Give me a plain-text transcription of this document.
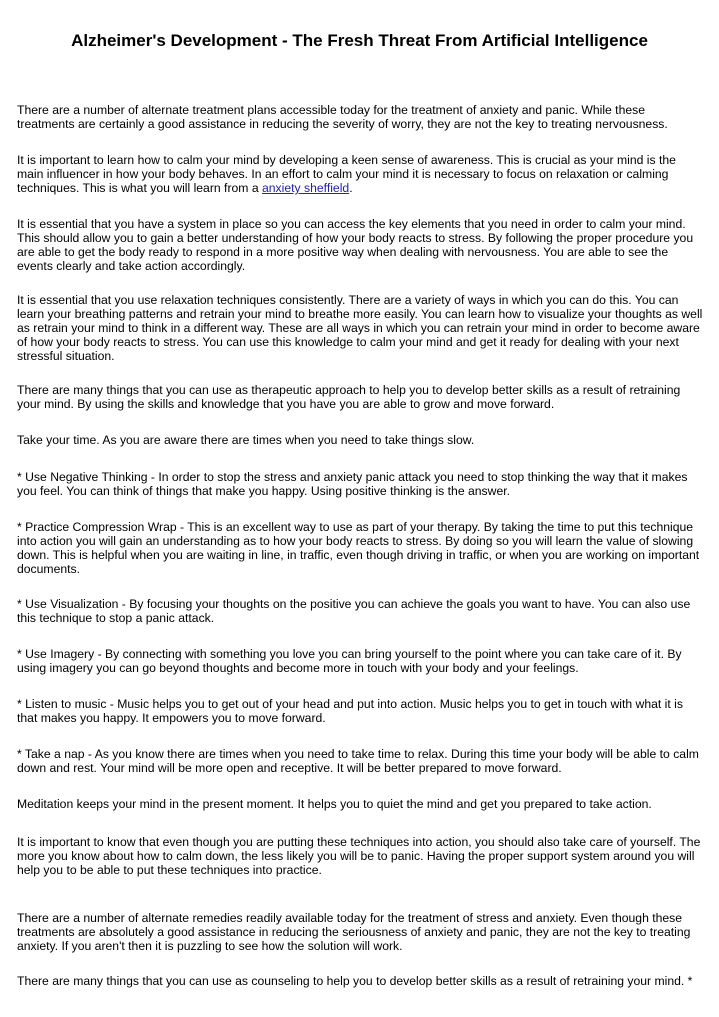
Alzheimer's Development - The Fresh Threat From Artificial Intelligence

There are a number of alternate treatment plans accessible today for the treatment of anxiety and panic. While these treatments are certainly a good assistance in reducing the severity of worry, they are not the key to treating nervousness.

It is important to learn how to calm your mind by developing a keen sense of awareness. This is crucial as your mind is the main influencer in how your body behaves. In an effort to calm your mind it is necessary to focus on relaxation or calming techniques. This is what you will learn from a anxiety sheffield.

It is essential that you have a system in place so you can access the key elements that you need in order to calm your mind. This should allow you to gain a better understanding of how your body reacts to stress. By following the proper procedure you are able to get the body ready to respond in a more positive way when dealing with nervousness. You are able to see the events clearly and take action accordingly.

It is essential that you use relaxation techniques consistently. There are a variety of ways in which you can do this. You can learn your breathing patterns and retrain your mind to breathe more easily. You can learn how to visualize your thoughts as well as retrain your mind to think in a different way. These are all ways in which you can retrain your mind in order to become aware of how your body reacts to stress. You can use this knowledge to calm your mind and get it ready for dealing with your next stressful situation.

There are many things that you can use as therapeutic approach to help you to develop better skills as a result of retraining your mind. By using the skills and knowledge that you have you are able to grow and move forward.

Take your time. As you are aware there are times when you need to take things slow.

* Use Negative Thinking - In order to stop the stress and anxiety panic attack you need to stop thinking the way that it makes you feel. You can think of things that make you happy. Using positive thinking is the answer.

* Practice Compression Wrap - This is an excellent way to use as part of your therapy. By taking the time to put this technique into action you will gain an understanding as to how your body reacts to stress. By doing so you will learn the value of slowing down. This is helpful when you are waiting in line, in traffic, even though driving in traffic, or when you are working on important documents.

* Use Visualization - By focusing your thoughts on the positive you can achieve the goals you want to have. You can also use this technique to stop a panic attack.

* Use Imagery - By connecting with something you love you can bring yourself to the point where you can take care of it. By using imagery you can go beyond thoughts and become more in touch with your body and your feelings.

* Listen to music - Music helps you to get out of your head and put into action. Music helps you to get in touch with what it is that makes you happy. It empowers you to move forward.

* Take a nap - As you know there are times when you need to take time to relax. During this time your body will be able to calm down and rest. Your mind will be more open and receptive. It will be better prepared to move forward.

Meditation keeps your mind in the present moment. It helps you to quiet the mind and get you prepared to take action.

It is important to know that even though you are putting these techniques into action, you should also take care of yourself. The more you know about how to calm down, the less likely you will be to panic. Having the proper support system around you will help you to be able to put these techniques into practice.

There are a number of alternate remedies readily available today for the treatment of stress and anxiety. Even though these treatments are absolutely a good assistance in reducing the seriousness of anxiety and panic, they are not the key to treating anxiety. If you aren't then it is puzzling to see how the solution will work.

There are many things that you can use as counseling to help you to develop better skills as a result of retraining your mind. *
